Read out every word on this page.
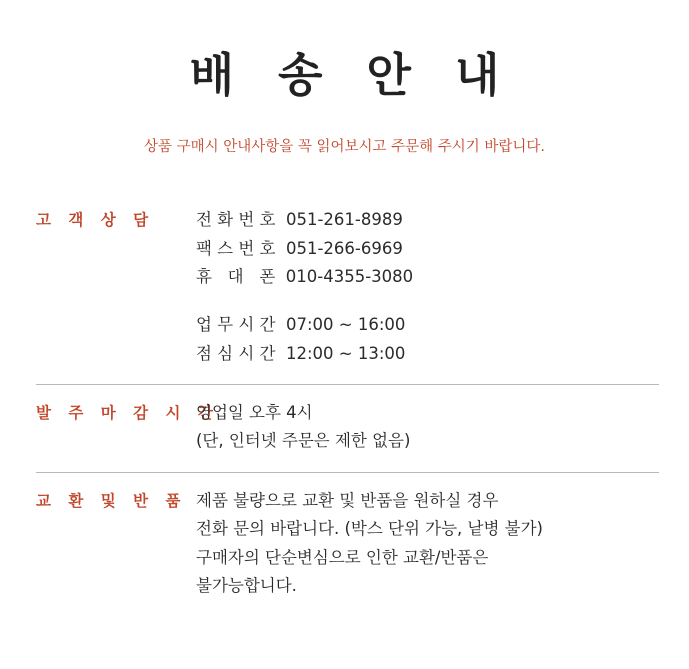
배 송 안 내

상품 구매시 안내사항을 꼭 읽어보시고 주문해 주시기 바랍니다.

고 객 상 담	전 화 번 호  051-261-8989
팩 스 번 호  051-266-6969
휴   대   폰  010-4355-3080
업 무 시 간  07:00 ~ 16:00
점 심 시 간  12:00 ~ 13:00
발 주 마 감 시 간
영업일 오후 4시
(단, 인터넷 주문은 제한 없음)
교 환 및 반 품 제품 불량으로 교환 및 반품을 원하실 경우
전화 문의 바랍니다. (박스 단위 가능, 낱병 불가)
구매자의 단순변심으로 인한 교환/반품은
불가능합니다.
